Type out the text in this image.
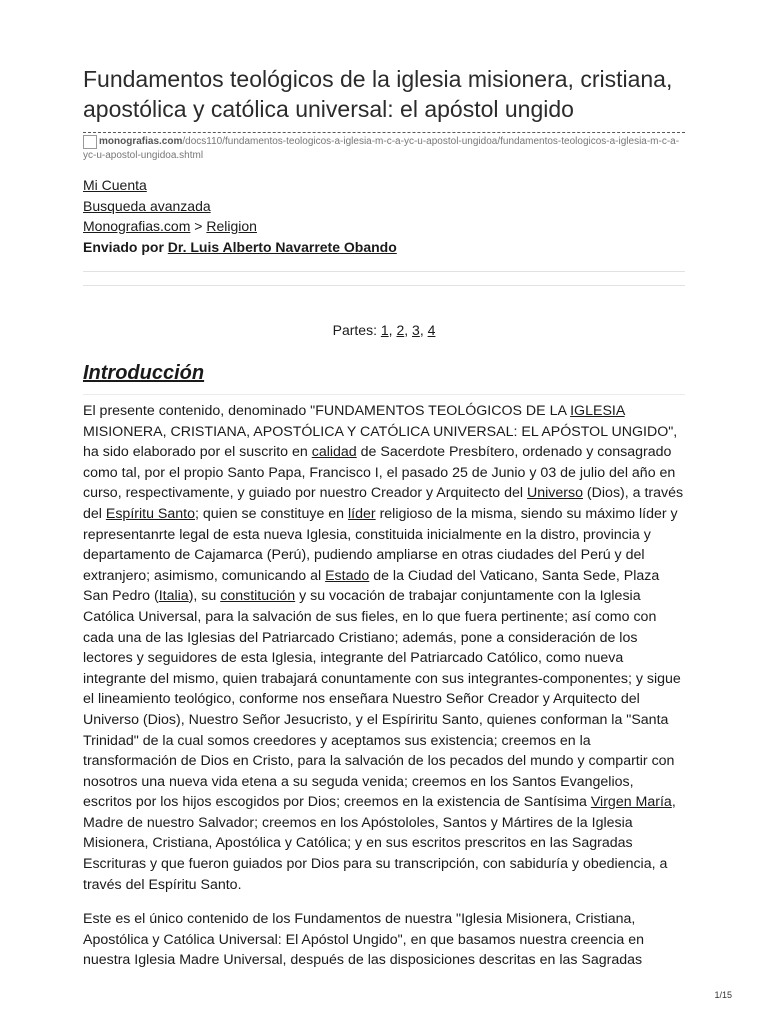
Fundamentos teológicos de la iglesia misionera, cristiana, apostólica y católica universal: el apóstol ungido
monografias.com/docs110/fundamentos-teologicos-a-iglesia-m-c-a-yc-u-apostol-ungidoa/fundamentos-teologicos-a-iglesia-m-c-a-yc-u-apostol-ungidoa.shtml
Mi Cuenta
Busqueda avanzada
Monografias.com > Religion
Enviado por Dr. Luis Alberto Navarrete Obando
Partes: 1, 2, 3, 4
Introducción

El presente contenido, denominado "FUNDAMENTOS TEOLÓGICOS DE LA IGLESIA MISIONERA, CRISTIANA, APOSTÓLICA Y CATÓLICA UNIVERSAL: EL APÓSTOL UNGIDO", ha sido elaborado por el suscrito en calidad de Sacerdote Presbítero, ordenado y consagrado como tal, por el propio Santo Papa, Francisco I, el pasado 25 de Junio y 03 de julio del año en curso, respectivamente, y guiado por nuestro Creador y Arquitecto del Universo (Dios), a través del Espíritu Santo; quien se constituye en líder religioso de la misma, siendo su máximo líder y representanrte legal de esta nueva Iglesia, constituida inicialmente en la distro, provincia y departamento de Cajamarca (Perú), pudiendo ampliarse en otras ciudades del Perú y del extranjero; asimismo, comunicando al Estado de la Ciudad del Vaticano, Santa Sede, Plaza San Pedro (Italia), su constitución y su vocación de trabajar conjuntamente con la Iglesia Católica Universal, para la salvación de sus fieles, en lo que fuera pertinente; así como con cada una de las Iglesias del Patriarcado Cristiano; además, pone a consideración de los lectores y seguidores de esta Iglesia, integrante del Patriarcado Católico, como nueva integrante del mismo, quien trabajará conuntamente con sus integrantes-componentes; y sigue el lineamiento teológico, conforme nos enseñara Nuestro Señor Creador y Arquitecto del Universo (Dios), Nuestro Señor Jesucristo, y el Espíriritu Santo, quienes conforman la "Santa Trinidad" de la cual somos creedores y aceptamos sus existencia; creemos en la transformación de Dios en Cristo, para la salvación de los pecados del mundo y compartir con nosotros una nueva vida etena a su seguda venida; creemos en los Santos Evangelios, escritos por los hijos escogidos por Dios; creemos en la existencia de Santísima Virgen María, Madre de nuestro Salvador; creemos en los Apóstololes, Santos y Mártires de la Iglesia Misionera, Cristiana, Apostólica y Católica; y en sus escritos prescritos en las Sagradas Escrituras y que fueron guiados por Dios para su transcripción, con sabiduría y obediencia, a través del Espíritu Santo.

Este es el único contenido de los Fundamentos de nuestra "Iglesia Misionera, Cristiana, Apostólica y Católica Universal: El Apóstol Ungido", en que basamos nuestra creencia en nuestra Iglesia Madre Universal, después de las disposiciones descritas en las Sagradas

1/15
